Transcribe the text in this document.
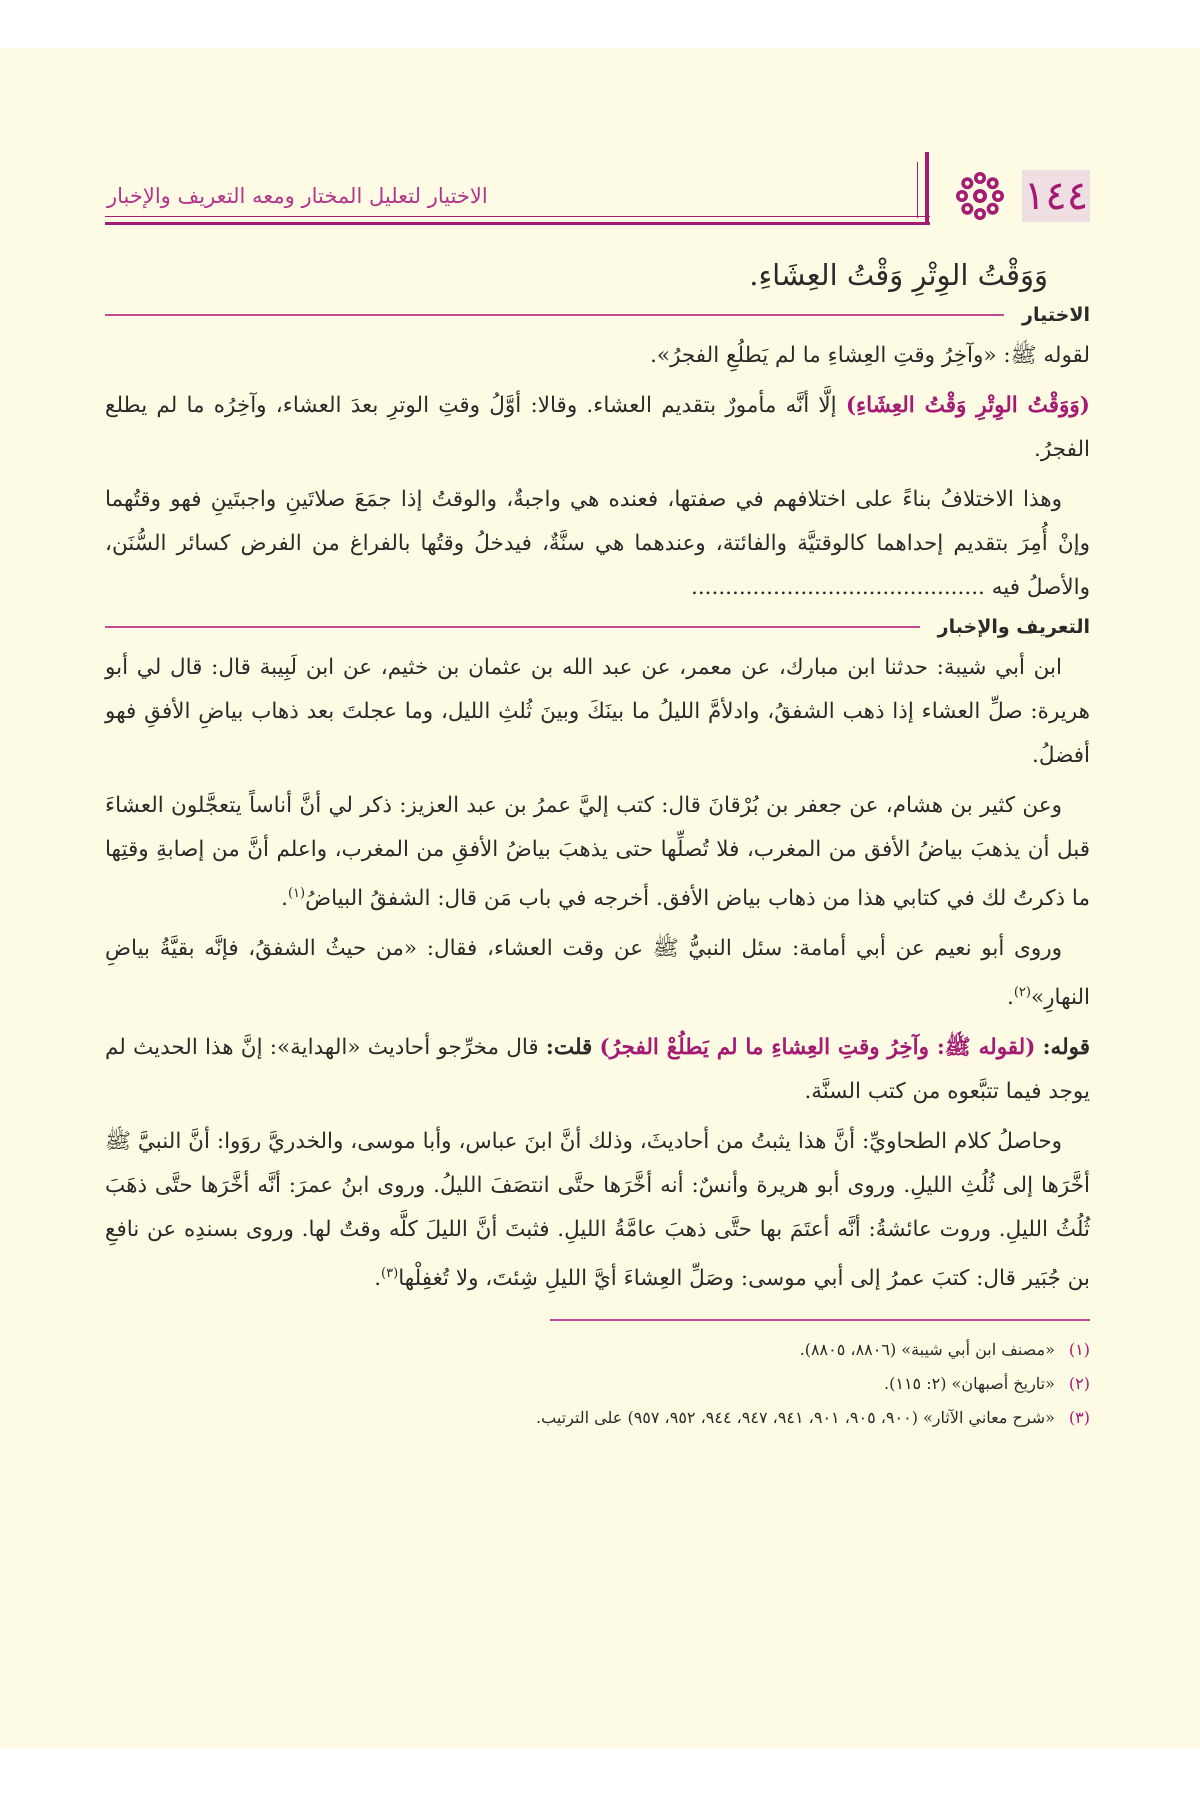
١٤٤
الاختيار لتعليل المختار ومعه التعريف والإخبار
وَوَقْتُ الوِتْرِ وَقْتُ العِشَاءِ.
الاختيار

لقوله ﷺ: «وآخِرُ وقتِ العِشاءِ ما لم يَطلُعِ الفجرُ».

(وَوَقْتُ الوِتْرِ وَقْتُ العِشَاءِ) إلَّا أنَّه مأمورٌ بتقديم العشاء. وقالا: أوَّلُ وقتِ الوترِ بعدَ العشاء، وآخِرُه ما لم يطلع الفجرُ.

وهذا الاختلافُ بناءً على اختلافهم في صفتها، فعنده هي واجبةٌ، والوقتُ إذا جمَعَ صلاتَينِ واجبتَينِ فهو وقتُهما وإنْ أُمِرَ بتقديم إحداهما كالوقتيَّة والفائتة، وعندهما هي سنَّةٌ، فيدخلُ وقتُها بالفراغ من الفرض كسائر السُّنَن، والأصلُ فيه ...........................................

التعريف والإخبار

ابن أبي شيبة: حدثنا ابن مبارك، عن معمر، عن عبد الله بن عثمان بن خثيم، عن ابن لَبِيبة قال: قال لي أبو هريرة: صلِّ العشاء إذا ذهب الشفقُ، وادلأمَّ الليلُ ما بينَكَ وبينَ ثُلثِ الليل، وما عجلتَ بعد ذهاب بياضِ الأفقِ فهو أفضلُ.

وعن كثير بن هشام، عن جعفر بن بُرْقانَ قال: كتب إليَّ عمرُ بن عبد العزيز: ذكر لي أنَّ أناساً يتعجَّلون العشاءَ قبل أن يذهبَ بياضُ الأفق من المغرب، فلا تُصلِّها حتى يذهبَ بياضُ الأفقِ من المغرب، واعلم أنَّ من إصابةِ وقتِها ما ذكرتُ لك في كتابي هذا من ذهاب بياض الأفق. أخرجه في باب مَن قال: الشفقُ البياضُ$^{(١)}$.

وروى أبو نعيم عن أبي أمامة: سئل النبيُّ ﷺ عن وقت العشاء، فقال: «من حيثُ الشفقُ، فإنَّه بقيَّةُ بياضِ النهارِ»$^{(٢)}$.

قوله: (لقوله ﷺ: وآخِرُ وقتِ العِشاءِ ما لم يَطلُعْ الفجرُ) قلت: قال مخرِّجو أحاديث «الهداية»: إنَّ هذا الحديث لم يوجد فيما تتبَّعوه من كتب السنَّة.

وحاصلُ كلام الطحاويِّ: أنَّ هذا يثبتُ من أحاديثَ، وذلك أنَّ ابنَ عباس، وأبا موسى، والخدريَّ روَوا: أنَّ النبيَّ ﷺ أخَّرَها إلى ثُلُثِ الليلِ. وروى أبو هريرة وأنسٌ: أنه أخَّرَها حتَّى انتصَفَ الليلُ. وروى ابنُ عمرَ: أنَّه أخَّرَها حتَّى ذهَبَ ثُلُثُ الليلِ. وروت عائشةُ: أنَّه أعتَمَ بها حتَّى ذهبَ عامَّةُ الليلِ. فثبتَ أنَّ الليلَ كلَّه وقتٌ لها. وروى بسندِه عن نافعِ بن جُبَير قال: كتبَ عمرُ إلى أبي موسى: وصَلِّ العِشاءَ أيَّ الليلِ شِئتَ، ولا تُغفِلْها$^{(٣)}$.

(١)«مصنف ابن أبي شيبة» (٨٨٠٦، ٨٨٠٥).

(٢)«تاريخ أصبهان» (٢: ١١٥).

(٣)«شرح معاني الآثار» (٩٠٠، ٩٠٥، ٩٠١، ٩٤١، ٩٤٧، ٩٤٤، ٩٥٢، ٩٥٧) على الترتيب.
